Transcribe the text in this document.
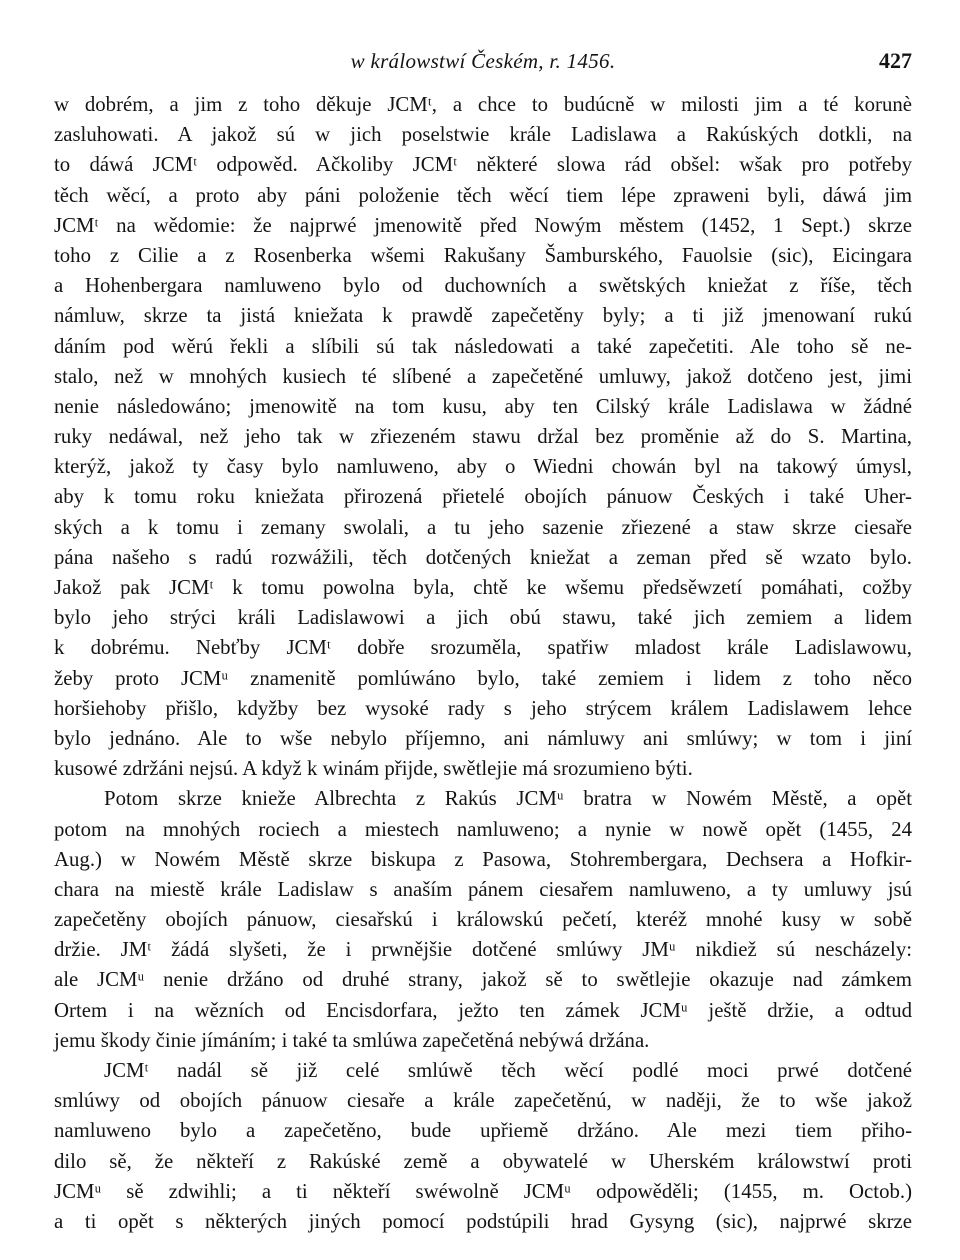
w králowstwí Českém, r. 1456.	427
w dobrém, a jim z toho děkuje JCMᵗ, a chce to budúcně w milosti jim a té korunè
zasluhowati. A jakož sú w jich poselstwie krále Ladislawa a Rakúských dotkli, na
to dáwá JCMᵗ odpowěd. Ačkoliby JCMᵗ některé slowa rád obšel: wšak pro potřeby
těch wěcí, a proto aby páni položenie těch wěcí tiem lépe zpraweni byli, dáwá jim
JCMᵗ na wědomie: že najprwé jmenowitě před Nowým městem (1452, 1 Sept.) skrze
toho z Cilie a z Rosenberka wšemi Rakušany Šamburského, Fauolsie (sic), Eicingara
a Hohenbergara namluweno bylo od duchowních a swětských kniežat z říše, těch
námluw, skrze ta jistá kniežata k prawdě zapečetěny byly; a ti již jmenowaní rukú
dáním pod wěrú řekli a slíbili sú tak následowati a také zapečetiti. Ale toho sě ne-
stalo, než w mnohých kusiech té slíbené a zapečetěné umluwy, jakož dotčeno jest, jimi
nenie následowáno; jmenowitě na tom kusu, aby ten Cilský krále Ladislawa w žádné
ruky nedáwal, než jeho tak w zřiezeném stawu držal bez proměnie až do S. Martina,
kterýž, jakož ty časy bylo namluweno, aby o Wiedni chowán byl na takowý úmysl,
aby k tomu roku kniežata přirozená přietelé obojích pánuow Českých i také Uher-
ských a k tomu i zemany swolali, a tu jeho sazenie zřiezené a staw skrze ciesaře
pána našeho s radú rozwážili, těch dotčených kniežat a zeman před sě wzato bylo.
Jakož pak JCMᵗ k tomu powolna byla, chtě ke wšemu předsěwzetí pomáhati, cožby
bylo jeho strýci králi Ladislawowi a jich obú stawu, také jich zemiem a lidem
k dobrému. Nebťby JCMᵗ dobře srozuměla, spatřiw mladost krále Ladislawowu,
žeby proto JCMᵘ znamenitě pomlúwáno bylo, také zemiem i lidem z toho něco
horšiehoby přišlo, kdyžby bez wysoké rady s jeho strýcem králem Ladislawem lehce
bylo jednáno. Ale to wše nebylo příjemno, ani námluwy ani smlúwy; w tom i jiní
kusowé zdržáni nejsú. A když k winám přijde, swětlejie má srozumieno býti.
Potom skrze knieže Albrechta z Rakús JCMᵘ bratra w Nowém Městě, a opět
potom na mnohých rociech a miestech namluweno; a nynie w nowě opět (1455, 24
Aug.) w Nowém Městě skrze biskupa z Pasowa, Stohrembergara, Dechsera a Hofkir-
chara na miestě krále Ladislaw s anaším pánem ciesařem namluweno, a ty umluwy jsú
zapečetěny obojích pánuow, ciesařskú i králowskú pečetí, kteréž mnohé kusy w sobě
držie. JMᵗ žádá slyšeti, že i prwnějšie dotčené smlúwy JMᵘ nikdiež sú nescházely:
ale JCMᵘ nenie držáno od druhé strany, jakož sě to swětlejie okazuje nad zámkem
Ortem i na wězních od Encisdorfara, ježto ten zámek JCMᵘ ještě držie, a odtud
jemu škody činie jímáním; i také ta smlúwa zapečetěná nebýwá držána.
JCMᵗ nadál sě již celé smlúwě těch wěcí podlé moci prwé dotčené
smlúwy od obojích pánuow ciesaře a krále zapečetěnú, w naději, že to wše jakož
namluweno bylo a zapečetěno, bude upřiemě držáno. Ale mezi tiem přiho-
dilo sě, že někteří z Rakúské země a obywatelé w Uherském králowstwí proti
JCMᵘ sě zdwihli; a ti někteří swéwolně JCMᵘ odpowěděli; (1455, m. Octob.)
a ti opět s některých jiných pomocí podstúpili hrad Gysyng (sic), najprwé skrze
